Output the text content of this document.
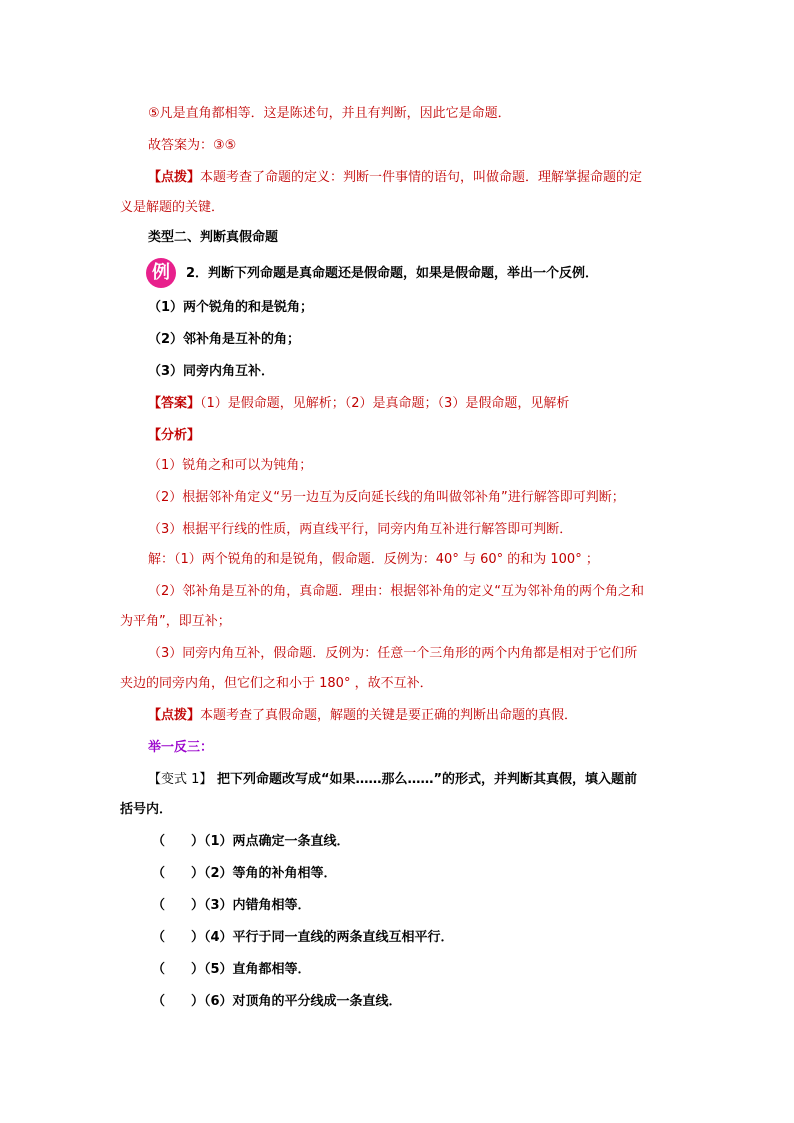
⑤凡是直角都相等．这是陈述句，并且有判断，因此它是命题．
故答案为：③⑤
【点拨】本题考查了命题的定义：判断一件事情的语句，叫做命题．理解掌握命题的定
义是解题的关键．
类型二、判断真假命题
例	2．判断下列命题是真命题还是假命题，如果是假命题，举出一个反例．
（1）两个锐角的和是锐角；
（2）邻补角是互补的角；
（3）同旁内角互补．
【答案】（1）是假命题，见解析；（2）是真命题；（3）是假命题，见解析
【分析】
（1）锐角之和可以为钝角；
（2）根据邻补角定义“另一边互为反向延长线的角叫做邻补角”进行解答即可判断；
（3）根据平行线的性质，两直线平行，同旁内角互补进行解答即可判断．
解：（1）两个锐角的和是锐角，假命题．反例为：40° 与 60° 的和为 100° ；
（2）邻补角是互补的角，真命题．理由：根据邻补角的定义“互为邻补角的两个角之和
为平角”，即互补；
（3）同旁内角互补，假命题．反例为：任意一个三角形的两个内角都是相对于它们所
夹边的同旁内角，但它们之和小于 180° ，故不互补．
【点拨】本题考查了真假命题，解题的关键是要正确的判断出命题的真假．
举一反三：
【变式 1】 把下列命题改写成“如果……那么……”的形式，并判断其真假，填入题前
括号内．
（　　）（1）两点确定一条直线．
（　　）（2）等角的补角相等．
（　　）（3）内错角相等．
（　　）（4）平行于同一直线的两条直线互相平行．
（　　）（5）直角都相等．
（　　）（6）对顶角的平分线成一条直线．
